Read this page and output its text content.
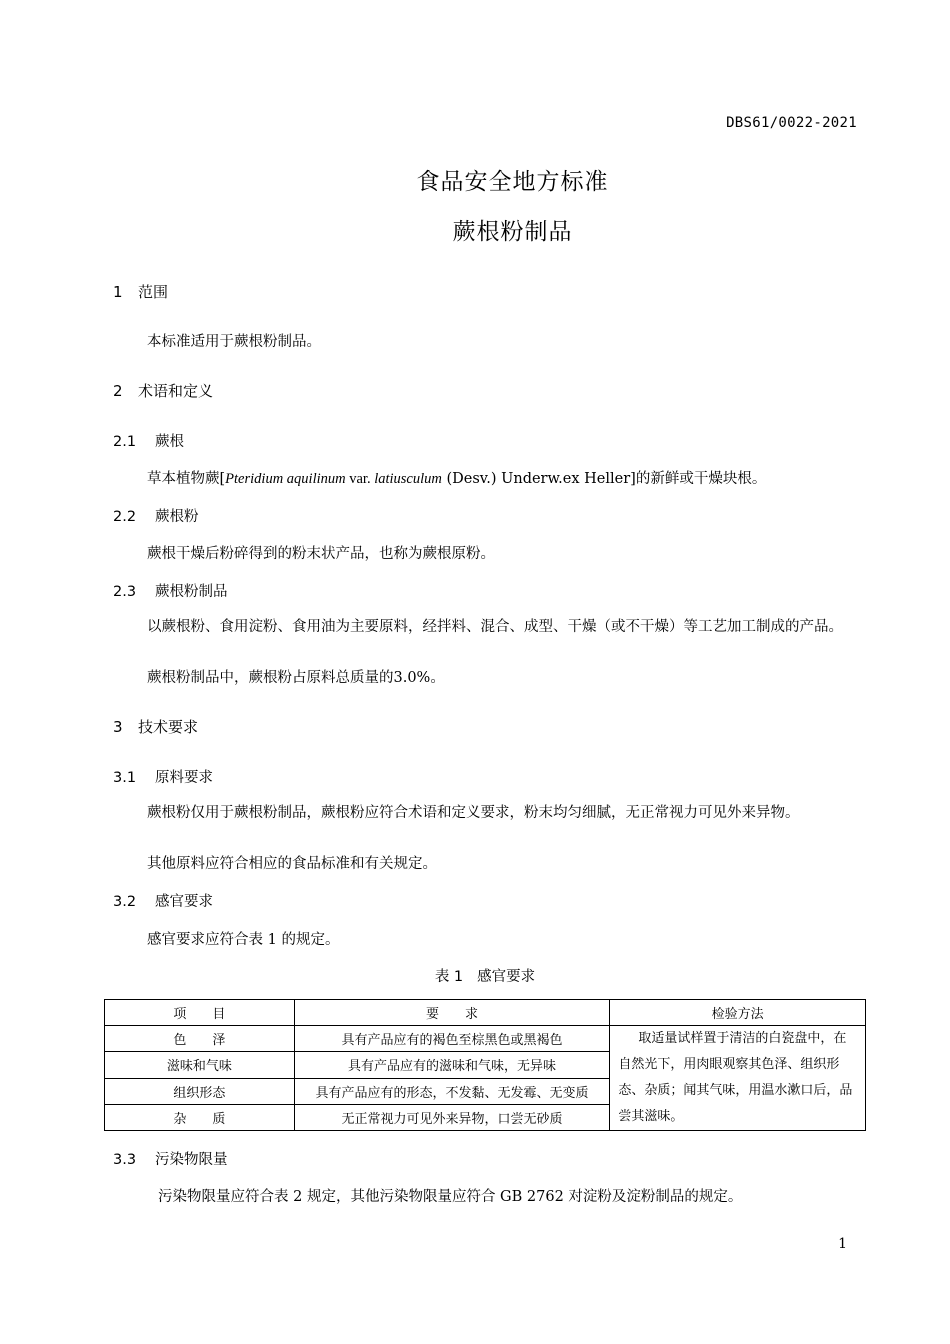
DBS61/0022-2021
食品安全地方标准
蕨根粉制品
1 范围
本标准适用于蕨根粉制品。
2 术语和定义
2.1 蕨根
草本植物蕨[Pteridium aquilinum var. latiusculum (Desv.) Underw.ex Heller]的新鲜或干燥块根。
2.2 蕨根粉
蕨根干燥后粉碎得到的粉末状产品，也称为蕨根原粉。
2.3 蕨根粉制品
以蕨根粉、食用淀粉、食用油为主要原料，经拌料、混合、成型、干燥（或不干燥）等工艺加工制成的产品。
蕨根粉制品中，蕨根粉占原料总质量的3.0%。
3 技术要求
3.1 原料要求
蕨根粉仅用于蕨根粉制品，蕨根粉应符合术语和定义要求，粉末均匀细腻，无正常视力可见外来异物。
其他原料应符合相应的食品标准和有关规定。
3.2 感官要求
感官要求应符合表 1 的规定。
表 1 感官要求
项　　目	要　　求	检验方法
色　　泽	具有产品应有的褐色至棕黑色或黑褐色	取适量试样置于清洁的白瓷盘中，在自然光下，用肉眼观察其色泽、组织形态、杂质；闻其气味，用温水漱口后，品尝其滋味。
滋味和气味	具有产品应有的滋味和气味，无异味	
组织形态	具有产品应有的形态，不发黏、无发霉、无变质	
杂　　质	无正常视力可见外来异物，口尝无砂质	
3.3 污染物限量
污染物限量应符合表 2 规定，其他污染物限量应符合 GB 2762 对淀粉及淀粉制品的规定。
1
